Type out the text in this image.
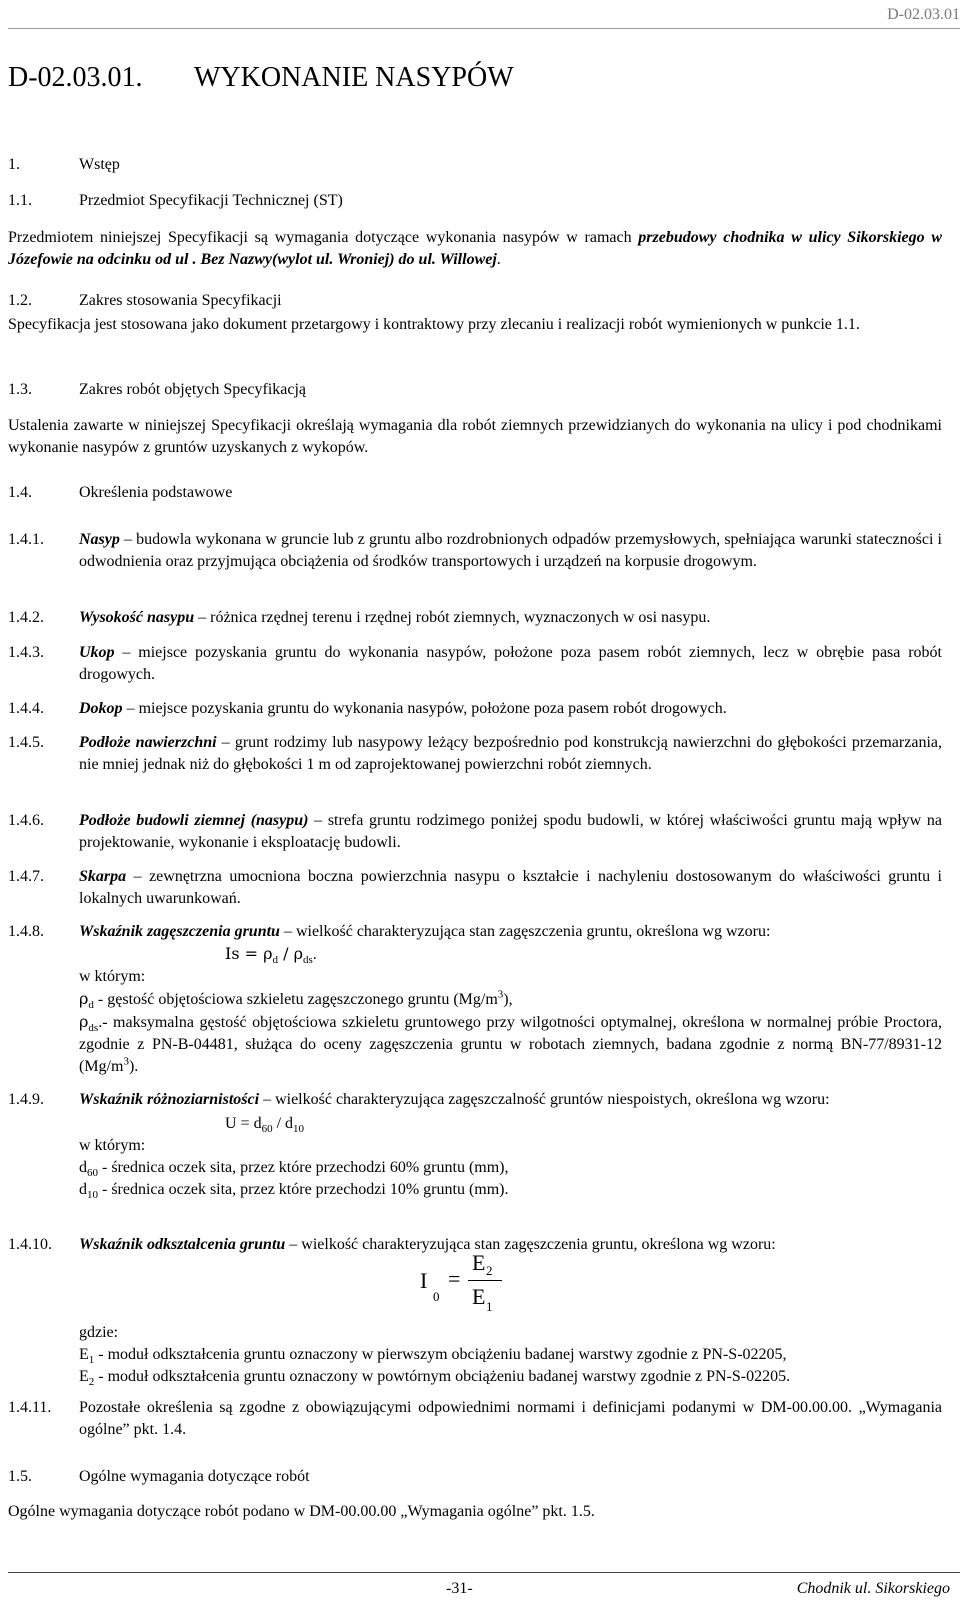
D-02.03.01
D-02.03.01. WYKONANIE NASYPÓW
1.	Wstęp
1.1.	Przedmiot Specyfikacji Technicznej (ST)
Przedmiotem niniejszej Specyfikacji są wymagania dotyczące wykonania nasypów w ramach przebudowy chodnika w ulicy Sikorskiego w Józefowie na odcinku od ul . Bez Nazwy(wylot ul. Wroniej) do ul. Willowej.
1.2.	Zakres stosowania Specyfikacji
Specyfikacja jest stosowana jako dokument przetargowy i kontraktowy przy zlecaniu i realizacji robót wymienionych w punkcie 1.1.
1.3.	Zakres robót objętych Specyfikacją
Ustalenia zawarte w niniejszej Specyfikacji określają wymagania dla robót ziemnych przewidzianych do wykonania na ulicy i pod chodnikami wykonanie nasypów z gruntów uzyskanych z wykopów.
1.4.	Określenia podstawowe
1.4.1.	Nasyp – budowla wykonana w gruncie lub z gruntu albo rozdrobnionych odpadów przemysłowych, spełniająca warunki stateczności i odwodnienia oraz przyjmująca obciążenia od środków transportowych i urządzeń na korpusie drogowym.
1.4.2.	Wysokość nasypu – różnica rzędnej terenu i rzędnej robót ziemnych, wyznaczonych w osi nasypu.
1.4.3.	Ukop – miejsce pozyskania gruntu do wykonania nasypów, położone poza pasem robót ziemnych, lecz w obrębie pasa robót drogowych.
1.4.4.	Dokop – miejsce pozyskania gruntu do wykonania nasypów, położone poza pasem robót drogowych.
1.4.5.	Podłoże nawierzchni – grunt rodzimy lub nasypowy leżący bezpośrednio pod konstrukcją nawierzchni do głębokości przemarzania, nie mniej jednak niż do głębokości 1 m od zaprojektowanej powierzchni robót ziemnych.
1.4.6.	Podłoże budowli ziemnej (nasypu) – strefa gruntu rodzimego poniżej spodu budowli, w której właściwości gruntu mają wpływ na projektowanie, wykonanie i eksploatację budowli.
1.4.7.	Skarpa – zewnętrzna umocniona boczna powierzchnia nasypu o kształcie i nachyleniu dostosowanym do właściwości gruntu i lokalnych uwarunkowań.
1.4.8.	Wskaźnik zagęszczenia gruntu – wielkość charakteryzująca stan zagęszczenia gruntu, określona wg wzoru:
$Is = \rho_d / \rho_{ds}$.
w którym:
$\rho_d$ - gęstość objętościowa szkieletu zagęszczonego gruntu $(Mg/m^3)$,
$\rho_{ds}.-$ maksymalna gęstość objętościowa szkieletu gruntowego przy wilgotności optymalnej, określona w normalnej próbie Proctora, zgodnie z PN-B-04481, służąca do oceny zagęszczenia gruntu w robotach ziemnych, badana zgodnie z normą BN-77/8931-12 $(Mg/m^3)$.
1.4.9.	Wskaźnik różnoziarnistości – wielkość charakteryzująca zagęszczalność gruntów niespoistych, określona wg wzoru:
$U = d_{60} / d_{10}$
w którym:
$d_{60}$ - średnica oczek sita, przez które przechodzi 60% gruntu (mm),
$d_{10}$ - średnica oczek sita, przez które przechodzi 10% gruntu (mm).
1.4.10.	Wskaźnik odkształcenia gruntu – wielkość charakteryzująca stan zagęszczenia gruntu, określona wg wzoru:
gdzie:
$E_1$ - moduł odkształcenia gruntu oznaczony w pierwszym obciążeniu badanej warstwy zgodnie z PN-S-02205,
$E_2$ - moduł odkształcenia gruntu oznaczony w powtórnym obciążeniu badanej warstwy zgodnie z PN-S-02205.
I
0
=
E 2
E 1
1.4.11.	Pozostałe określenia są zgodne z obowiązującymi odpowiednimi normami i definicjami podanymi w DM-00.00.00. „Wymagania ogólne” pkt. 1.4.
1.5.	Ogólne wymagania dotyczące robót
Ogólne wymagania dotyczące robót podano w DM-00.00.00 „Wymagania ogólne” pkt. 1.5.
-31-	Chodnik ul. Sikorskiego
